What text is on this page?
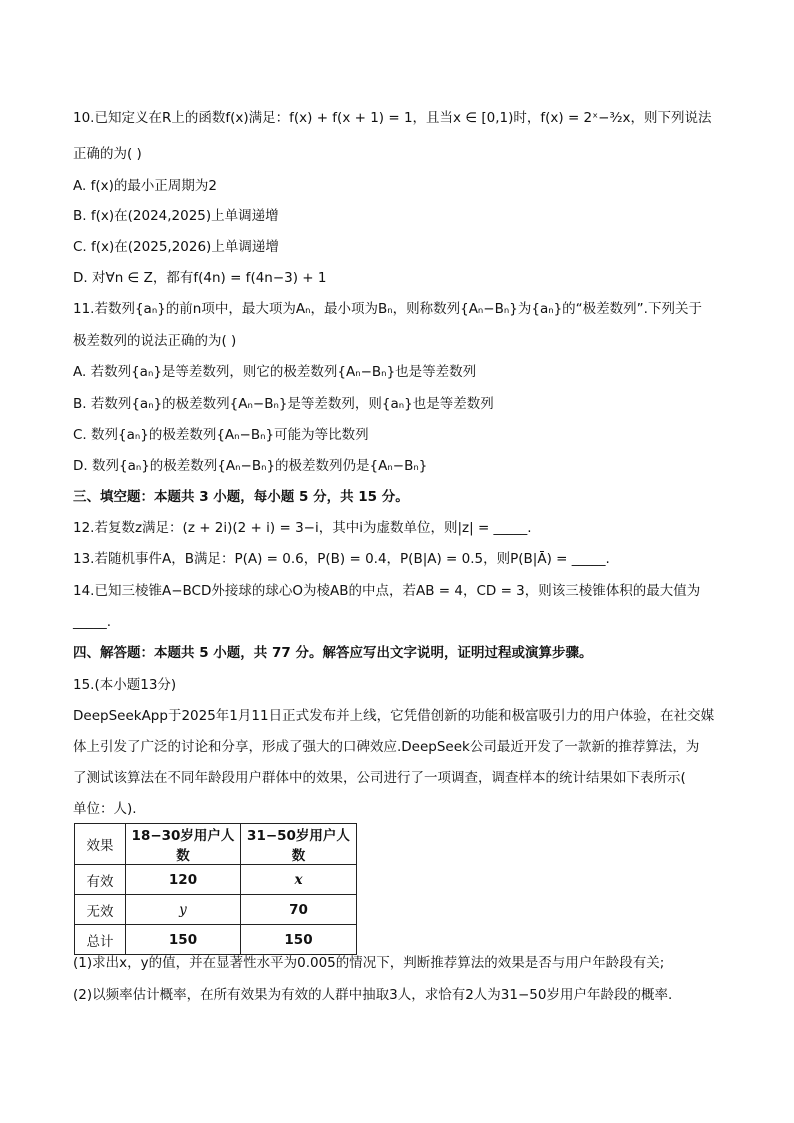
10.已知定义在R上的函数f(x)满足：f(x) + f(x + 1) = 1，且当x ∈ [0,1)时，f(x) = 2ˣ−³⁄₂x，则下列说法
正确的为( )
A. f(x)的最小正周期为2
B. f(x)在(2024,2025)上单调递增
C. f(x)在(2025,2026)上单调递增
D. 对∀n ∈ Z，都有f(4n) = f(4n−3) + 1
11.若数列{aₙ}的前n项中，最大项为Aₙ，最小项为Bₙ，则称数列{Aₙ−Bₙ}为{aₙ}的“极差数列”.下列关于
极差数列的说法正确的为( )
A. 若数列{aₙ}是等差数列，则它的极差数列{Aₙ−Bₙ}也是等差数列
B. 若数列{aₙ}的极差数列{Aₙ−Bₙ}是等差数列，则{aₙ}也是等差数列
C. 数列{aₙ}的极差数列{Aₙ−Bₙ}可能为等比数列
D. 数列{aₙ}的极差数列{Aₙ−Bₙ}的极差数列仍是{Aₙ−Bₙ}
三、填空题：本题共 3 小题，每小题 5 分，共 15 分。
12.若复数z满足：(z + 2i)(2 + i) = 3−i，其中i为虚数单位，则|z| = _____.
13.若随机事件A，B满足：P(A) = 0.6，P(B) = 0.4，P(B|A) = 0.5，则P(B|Ā) = _____.
14.已知三棱锥A−BCD外接球的球心O为棱AB的中点，若AB = 4，CD = 3，则该三棱锥体积的最大值为
_____.
四、解答题：本题共 5 小题，共 77 分。解答应写出文字说明，证明过程或演算步骤。
15.(本小题13分)
DeepSeekApp于2025年1月11日正式发布并上线，它凭借创新的功能和极富吸引力的用户体验，在社交媒
体上引发了广泛的讨论和分享，形成了强大的口碑效应.DeepSeek公司最近开发了一款新的推荐算法，为
了测试该算法在不同年龄段用户群体中的效果，公司进行了一项调查，调查样本的统计结果如下表所示(
单位：人).
效果	18−30岁用户人数	31−50岁用户人数
有效	120	x
无效	y	70
总计	150	150
(1)求出x，y的值，并在显著性水平为0.005的情况下，判断推荐算法的效果是否与用户年龄段有关;
(2)以频率估计概率，在所有效果为有效的人群中抽取3人，求恰有2人为31−50岁用户年龄段的概率.
